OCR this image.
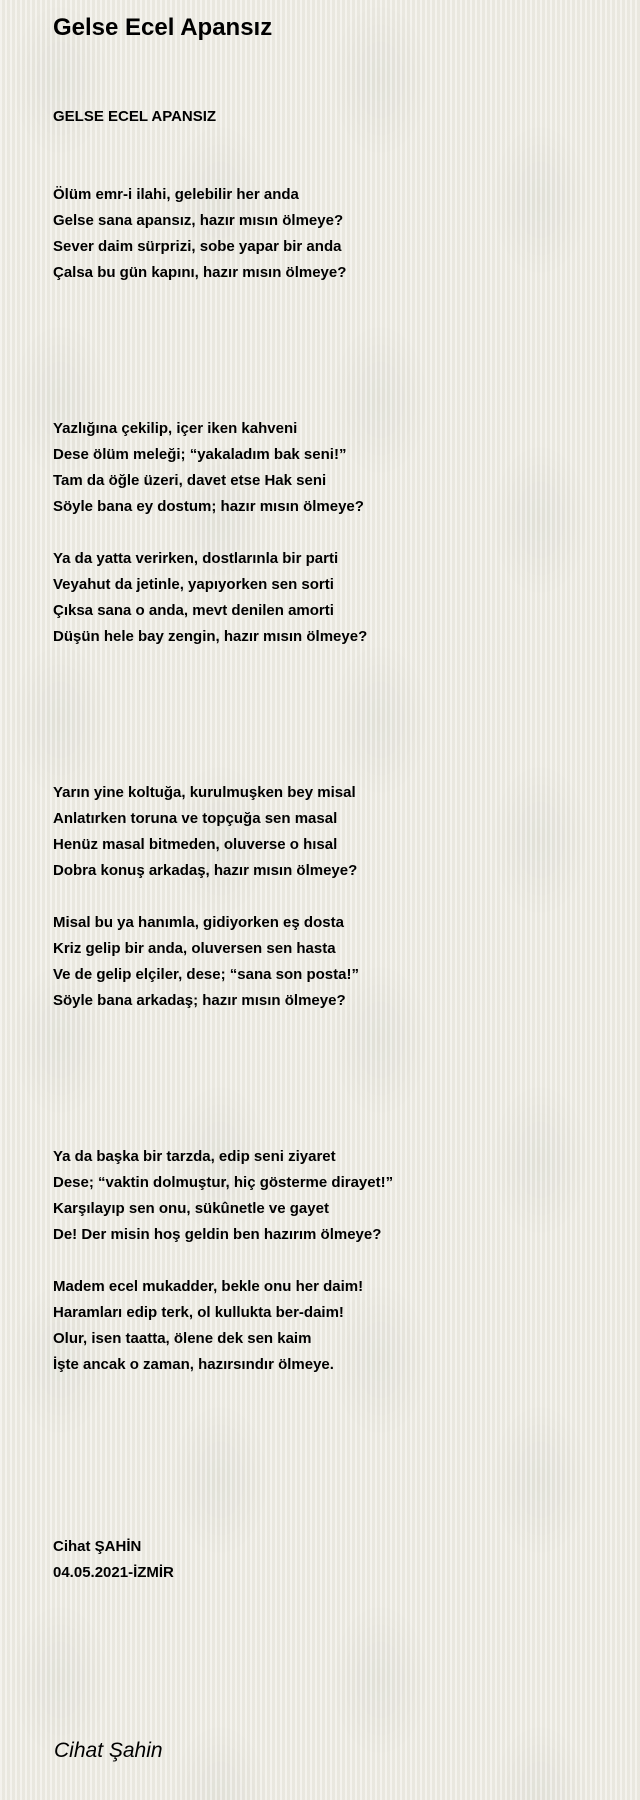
Gelse Ecel Apansız
GELSE ECEL APANSIZ
Ölüm emr-i ilahi, gelebilir her anda
Gelse sana apansız, hazır mısın ölmeye?
Sever daim sürprizi, sobe yapar bir anda
Çalsa bu gün kapını, hazır mısın ölmeye?
Yazlığına çekilip, içer iken kahveni
Dese ölüm meleği; “yakaladım bak seni!”
Tam da öğle üzeri, davet etse Hak seni
Söyle bana ey dostum; hazır mısın ölmeye?
Ya da yatta verirken, dostlarınla bir parti
Veyahut da jetinle, yapıyorken sen sorti
Çıksa sana o anda, mevt denilen amorti
Düşün hele bay zengin, hazır mısın ölmeye?
Yarın yine koltuğa, kurulmuşken bey misal
Anlatırken toruna ve topçuğa sen masal
Henüz masal bitmeden, oluverse o hısal
Dobra konuş arkadaş, hazır mısın ölmeye?
Misal bu ya hanımla, gidiyorken eş dosta
Kriz gelip bir anda, oluversen sen hasta
Ve de gelip elçiler, dese; “sana son posta!”
Söyle bana arkadaş; hazır mısın ölmeye?
Ya da başka bir tarzda, edip seni ziyaret
Dese; “vaktin dolmuştur, hiç gösterme dirayet!”
Karşılayıp sen onu, sükûnetle ve gayet
De! Der misin hoş geldin ben hazırım ölmeye?
Madem ecel mukadder, bekle onu her daim!
Haramları edip terk, ol kullukta ber-daim!
Olur, isen taatta, ölene dek sen kaim
İşte ancak o zaman, hazırsındır ölmeye.
Cihat ŞAHİN
04.05.2021-İZMİR
Cihat Şahin
